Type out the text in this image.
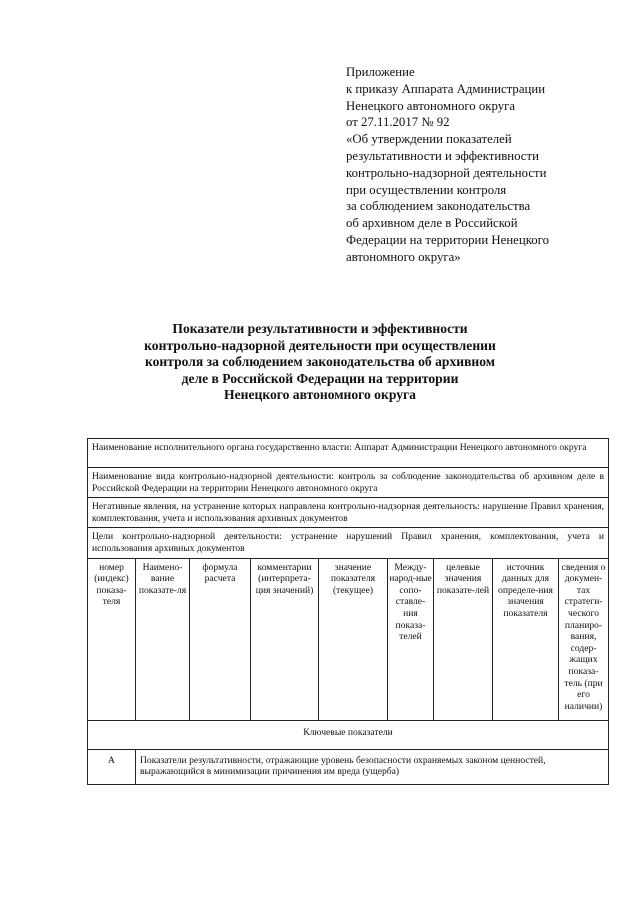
Приложение
к приказу Аппарата Администрации
Ненецкого автономного округа
от 27.11.2017 № 92
«Об утверждении показателей
результативности и эффективности
контрольно-надзорной деятельности
при осуществлении контроля
за соблюдением законодательства
об архивном деле в Российской
Федерации на территории Ненецкого
автономного округа»
Показатели результативности и эффективности
контрольно-надзорной деятельности при осуществлении
контроля за соблюдением законодательства об архивном
деле в Российской Федерации на территории
Ненецкого автономного округа
Наименование исполнительного органа государственно власти: Аппарат Администрации Ненецкого автономного округа								
Наименование вида контрольно-надзорной деятельности: контроль за соблюдение законодательства об архивном деле в Российской Федерации на территории Ненецкого автономного округа								
Негативные явления, на устранение которых направлена контрольно-надзорная деятельность: нарушение Правил хранения, комплектования, учета и использования архивных документов								
Цели контрольно-надзорной деятельности: устранение нарушений Правил хранения, комплектования, учета и использования архивных документов								
номер (индекс) показа-теля	Наимено-вание показате-ля	формула расчета	комментарии (интерпрета-ция значений)	значение показателя (текущее)	Между-народ-ные сопо-ставле-ния показа-телей	целевые значения показате-лей	источник данных для определе-ния значения показателя	сведения о докумен-тах стратеги-ческого планиро-вания, содер-жащих показа-тель (при его наличии)
Ключевые показатели								
А	Показатели результативности, отражающие уровень безопасности охраняемых законом ценностей, выражающийся в минимизации причинения им вреда (ущерба)							
